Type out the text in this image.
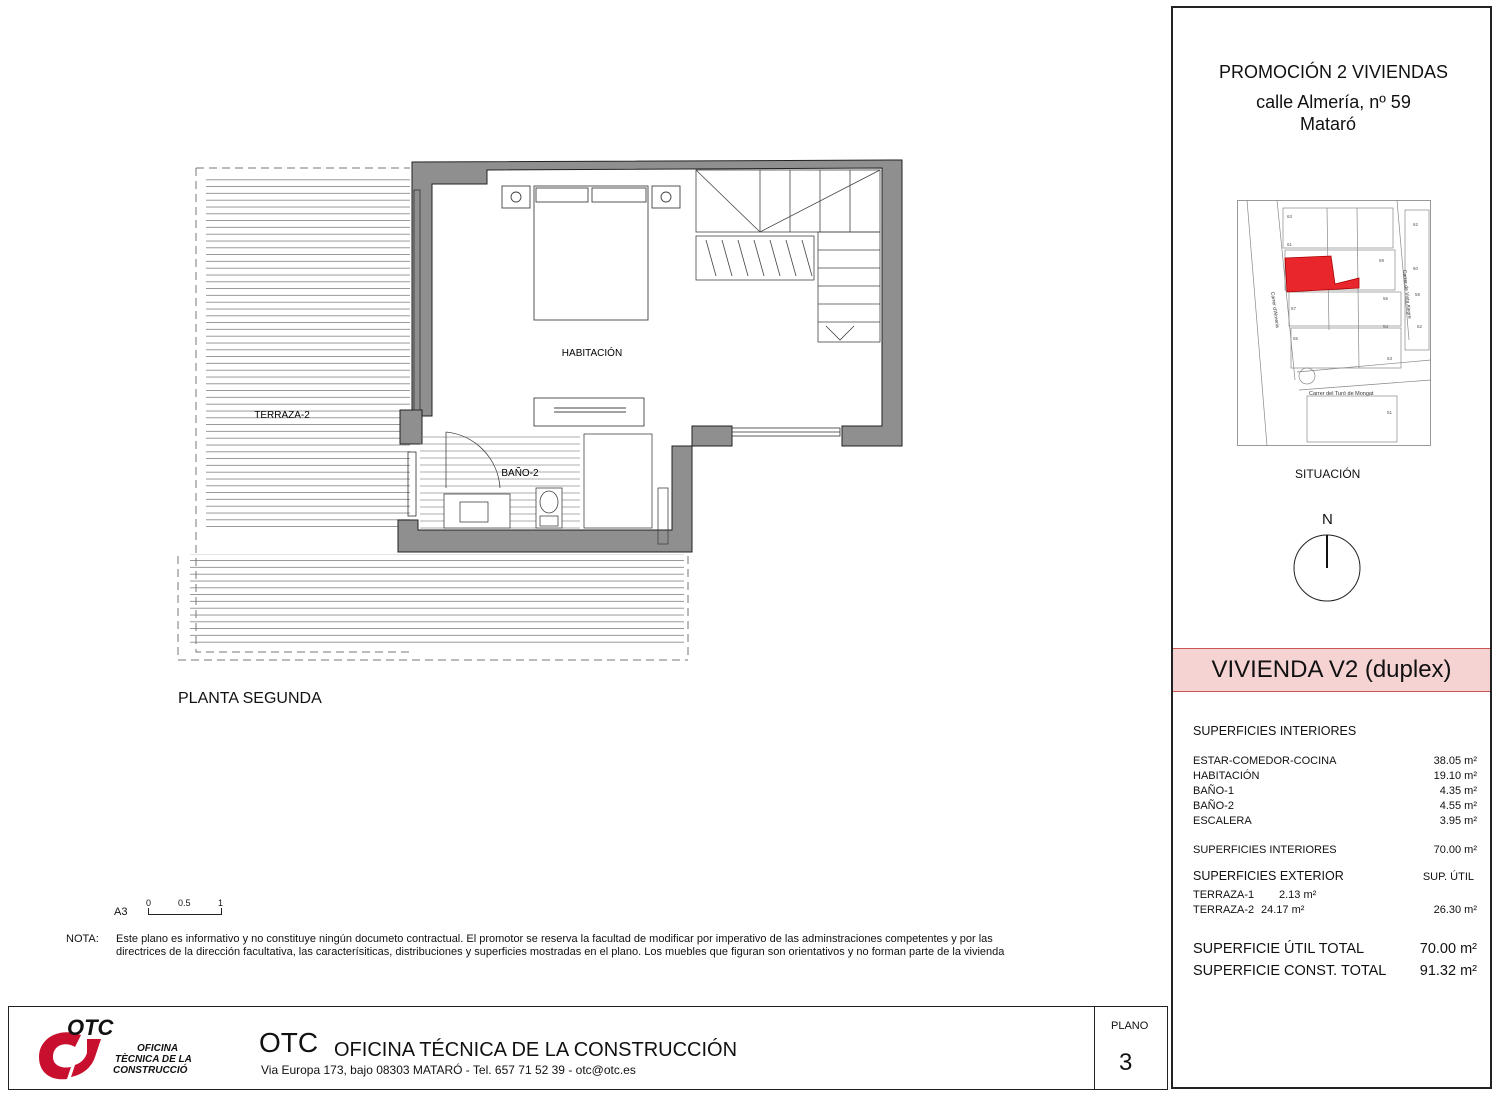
TERRAZA-2
HABITACIÓN
BAÑO-2
PLANTA SEGUNDA
A3
0	0.5	1
NOTA: Este plano es informativo y no constituye ningún documeto contractual. El promotor se reserva la facultad de modificar por imperativo de las adminstraciones competentes y por las
directrices de la dirección facultativa, las caracterísiticas, distribuciones y superficies mostradas en el plano. Los muebles que figuran son orientativos y no forman parte de la vivienda
OTC
OFICINA
TÈCNICA DE LA
CONSTRUCCIÓ
OTC OFICINA TÉCNICA DE LA CONSTRUCCIÓN
Via Europa 173, bajo 08303 MATARÓ - Tel. 657 71 52 39 - otc@otc.es
PLANO
3
PROMOCIÓN 2 VIVIENDAS
calle Almería, nº 59
Mataró
Carrer d'Almeria	Carrer de Vista Alegre
Carrer del Turó de Mongat
63
61
59
57
55
53
51
62
60
58
56
54	52
SITUACIÓN
N
VIVIENDA V2 (duplex)
SUPERFICIES INTERIORES
ESTAR-COMEDOR-COCINA	38.05 m²
HABITACIÓN	19.10 m²
BAÑO-1	4.35 m²
BAÑO-2	4.55 m²
ESCALERA	3.95 m²
SUPERFICIES INTERIORES	70.00 m²
SUPERFICIES EXTERIOR	SUP. ÚTIL
TERRAZA-1 2.13 m²
TERRAZA-2 24.17 m²	26.30 m²
SUPERFICIE ÚTIL TOTAL	70.00 m²
SUPERFICIE CONST. TOTAL 91.32 m²
